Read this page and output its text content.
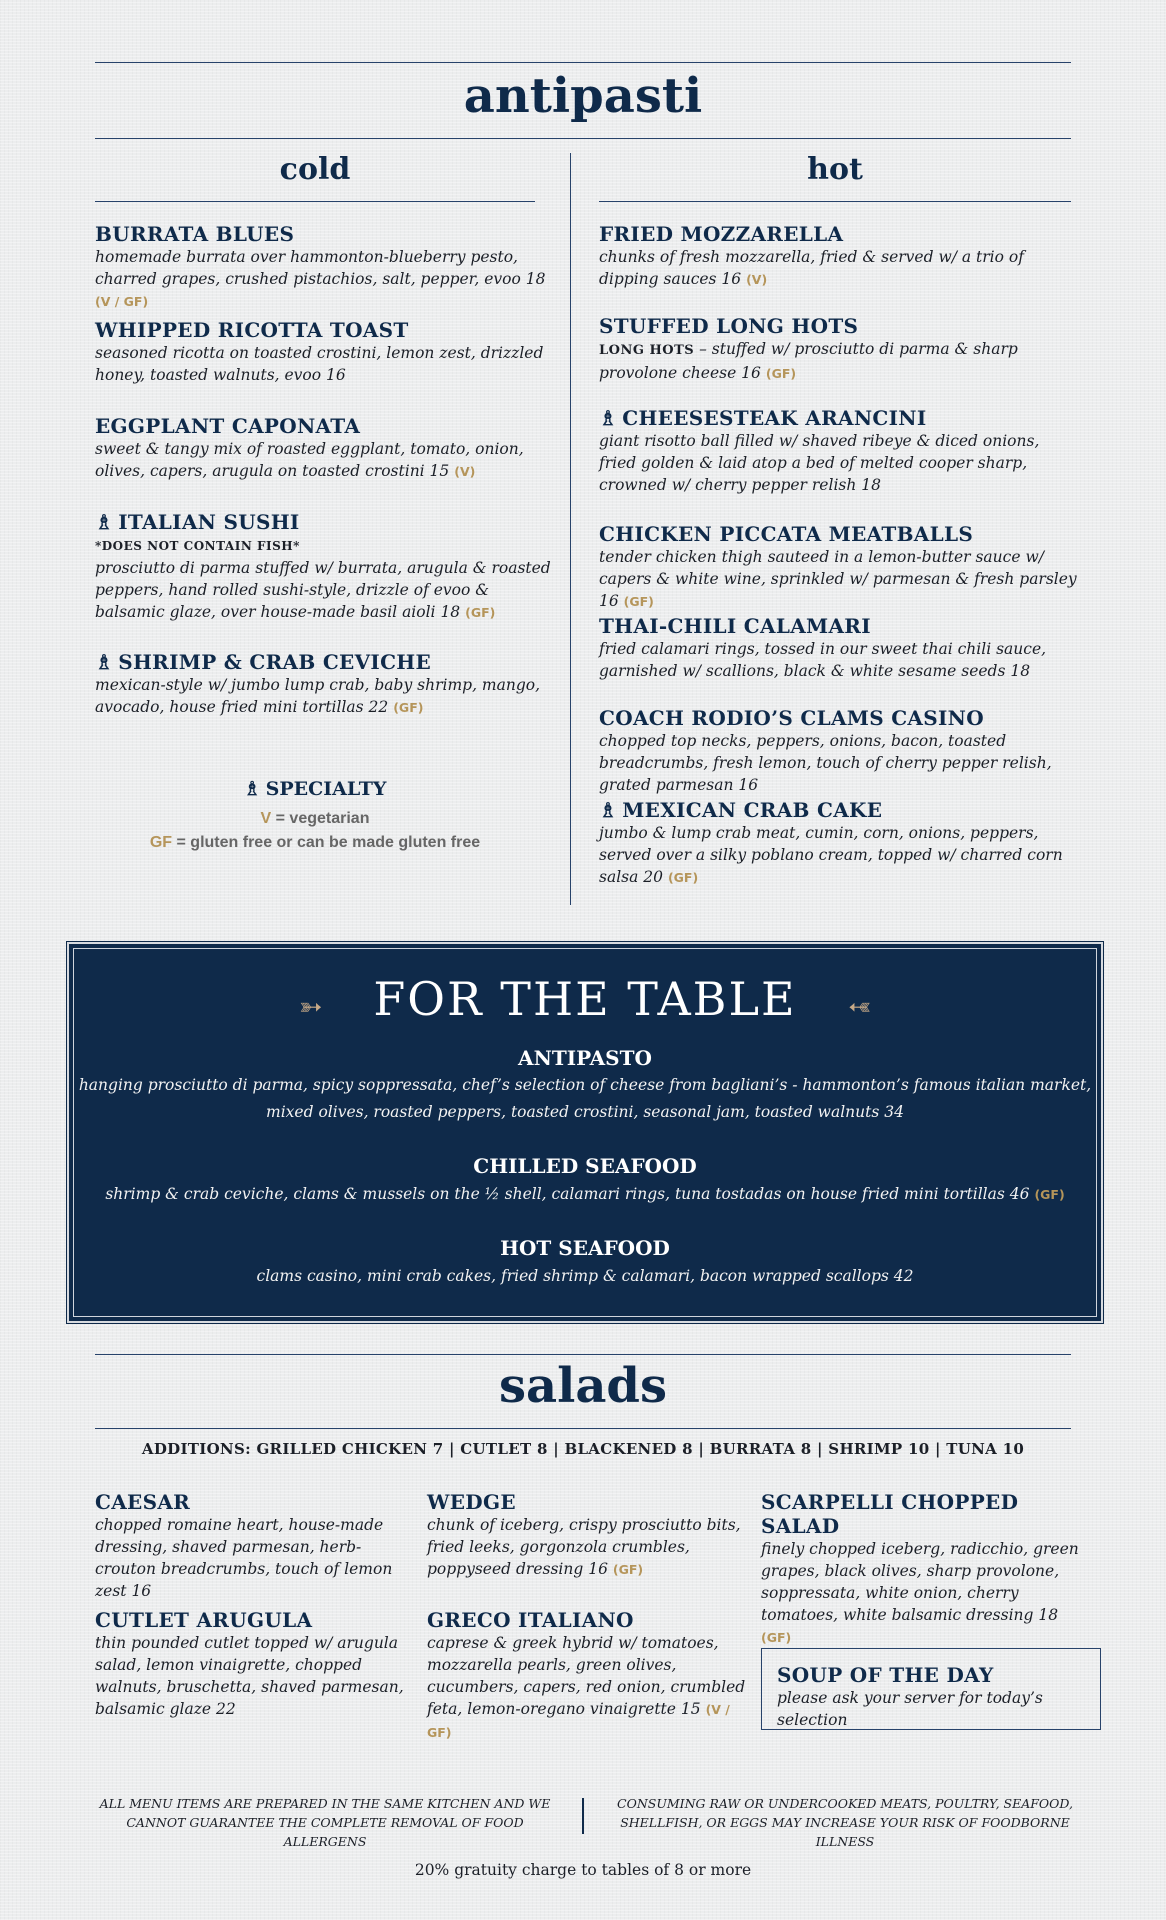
antipasti
cold	hot
BURRATA BLUES
homemade burrata over hammonton-blueberry pesto, charred grapes, crushed pistachios, salt, pepper, evoo 18 (V / GF)
WHIPPED RICOTTA TOAST
seasoned ricotta on toasted crostini, lemon zest, drizzled honey, toasted walnuts, evoo 16
EGGPLANT CAPONATA
sweet & tangy mix of roasted eggplant, tomato, onion, olives, capers, arugula on toasted crostini 15 (V)
♗ ITALIAN SUSHI
*DOES NOT CONTAIN FISH*
prosciutto di parma stuffed w/ burrata, arugula & roasted peppers, hand rolled sushi-style, drizzle of evoo & balsamic glaze, over house-made basil aioli 18 (GF)
♗ SHRIMP & CRAB CEVICHE
mexican-style w/ jumbo lump crab, baby shrimp, mango, avocado, house fried mini tortillas 22 (GF)
♗ SPECIALTY
V = vegetarian
GF = gluten free or can be made gluten free
FRIED MOZZARELLA
chunks of fresh mozzarella, fried & served w/ a trio of dipping sauces 16 (V)
STUFFED LONG HOTS
LONG HOTS – stuffed w/ prosciutto di parma & sharp provolone cheese 16 (GF)
♗ CHEESESTEAK ARANCINI
giant risotto ball filled w/ shaved ribeye & diced onions, fried golden & laid atop a bed of melted cooper sharp, crowned w/ cherry pepper relish 18
CHICKEN PICCATA MEATBALLS
tender chicken thigh sauteed in a lemon-butter sauce w/ capers & white wine, sprinkled w/ parmesan & fresh parsley 16 (GF)
THAI-CHILI CALAMARI
fried calamari rings, tossed in our sweet thai chili sauce, garnished w/ scallions, black & white sesame seeds 18
COACH RODIO’S CLAMS CASINO
chopped top necks, peppers, onions, bacon, toasted breadcrumbs, fresh lemon, touch of cherry pepper relish, grated parmesan 16
♗ MEXICAN CRAB CAKE
jumbo & lump crab meat, cumin, corn, onions, peppers, served over a silky poblano cream, topped w/ charred corn salsa 20 (GF)
➳	➳
FOR THE TABLE
ANTIPASTO
hanging prosciutto di parma, spicy soppressata, chef’s selection of cheese from bagliani’s - hammonton’s famous italian market,
mixed olives, roasted peppers, toasted crostini, seasonal jam, toasted walnuts 34
CHILLED SEAFOOD
shrimp & crab ceviche, clams & mussels on the ½ shell, calamari rings, tuna tostadas on house fried mini tortillas 46 (GF)
HOT SEAFOOD
clams casino, mini crab cakes, fried shrimp & calamari, bacon wrapped scallops 42
salads
ADDITIONS: GRILLED CHICKEN 7 | CUTLET 8 | BLACKENED 8 | BURRATA 8 | SHRIMP 10 | TUNA 10
CAESAR
chopped romaine heart, house-made dressing, shaved parmesan, herb-crouton breadcrumbs, touch of lemon zest 16
WEDGE
chunk of iceberg, crispy prosciutto bits, fried leeks, gorgonzola crumbles, poppyseed dressing 16 (GF)
SCARPELLI CHOPPED SALAD
finely chopped iceberg, radicchio, green grapes, black olives, sharp provolone, soppressata, white onion, cherry tomatoes, white balsamic dressing 18 (GF)
CUTLET ARUGULA
thin pounded cutlet topped w/ arugula salad, lemon vinaigrette, chopped walnuts, bruschetta, shaved parmesan, balsamic glaze 22
GRECO ITALIANO
caprese & greek hybrid w/ tomatoes, mozzarella pearls, green olives, cucumbers, capers, red onion, crumbled feta, lemon-oregano vinaigrette 15 (V / GF)
SOUP OF THE DAY
please ask your server for today’s selection
ALL MENU ITEMS ARE PREPARED IN THE SAME KITCHEN AND WE CANNOT GUARANTEE THE COMPLETE REMOVAL OF FOOD ALLERGENS
CONSUMING RAW OR UNDERCOOKED MEATS, POULTRY, SEAFOOD, SHELLFISH, OR EGGS MAY INCREASE YOUR RISK OF FOODBORNE ILLNESS
20% gratuity charge to tables of 8 or more
